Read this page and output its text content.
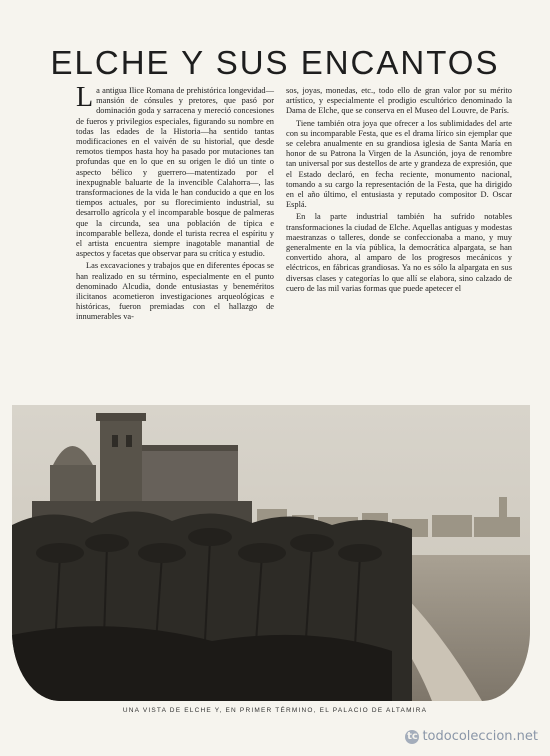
ELCHE Y SUS ENCANTOS

La antigua Ilice Romana de prehistórica longevidad—mansión de cónsules y pretores, que pasó por dominación goda y sarracena y mereció concesiones de fueros y privilegios especiales, figurando su nombre en todas las edades de la Historia—ha sentido tantas modificaciones en el vaivén de su historial, que desde remotos tiempos hasta hoy ha pasado por mutaciones tan profundas que en lo que en su origen le dió un tinte o aspecto bélico y guerrero—matentizado por el inexpugnable baluarte de la invencible Calahorra—, las transformaciones de la vida le han conducido a que en los tiempos actuales, por su florecimiento industrial, su desarrollo agrícola y el incomparable bosque de palmeras que la circunda, sea una población de típica e incomparable belleza, donde el turista recrea el espíritu y el artista encuentra siempre inagotable manantial de aspectos y facetas que observar para su crítica y estudio.

Las excavaciones y trabajos que en diferentes épocas se han realizado en su término, especialmente en el punto denominado Alcudia, donde entusiastas y beneméritos ilicitanos acometieron investigaciones arqueológicas e históricas, fueron premiadas con el hallazgo de innumerables va-

sos, joyas, monedas, etc., todo ello de gran valor por su mérito artístico, y especialmente el prodigio escultórico denominado la Dama de Elche, que se conserva en el Museo del Louvre, de París.

Tiene también otra joya que ofrecer a los sublimidades del arte con su incomparable Festa, que es el drama lírico sin ejemplar que se celebra anualmente en su grandiosa iglesia de Santa María en honor de su Patrona la Virgen de la Asunción, joya de renombre tan universal por sus destellos de arte y grandeza de expresión, que el Estado declaró, en fecha reciente, monumento nacional, tomando a su cargo la representación de la Festa, que ha dirigido en el año último, el entusiasta y reputado compositor D. Oscar Esplá.

En la parte industrial también ha sufrido notables transformaciones la ciudad de Elche. Aquellas antiguas y modestas maestranzas o talleres, donde se confeccionaba a mano, y muy generalmente en la vía pública, la democrática alpargata, se han convertido ahora, al amparo de los progresos mecánicos y eléctricos, en fábricas grandiosas. Ya no es sólo la alpargata en sus diversas clases y categorías lo que allí se elabora, sino calzado de cuero de las mil varias formas que puede apetecer el

UNA VISTA DE ELCHE Y, EN PRIMER TÉRMINO, EL PALACIO DE ALTAMIRA
tc todocoleccion.net
